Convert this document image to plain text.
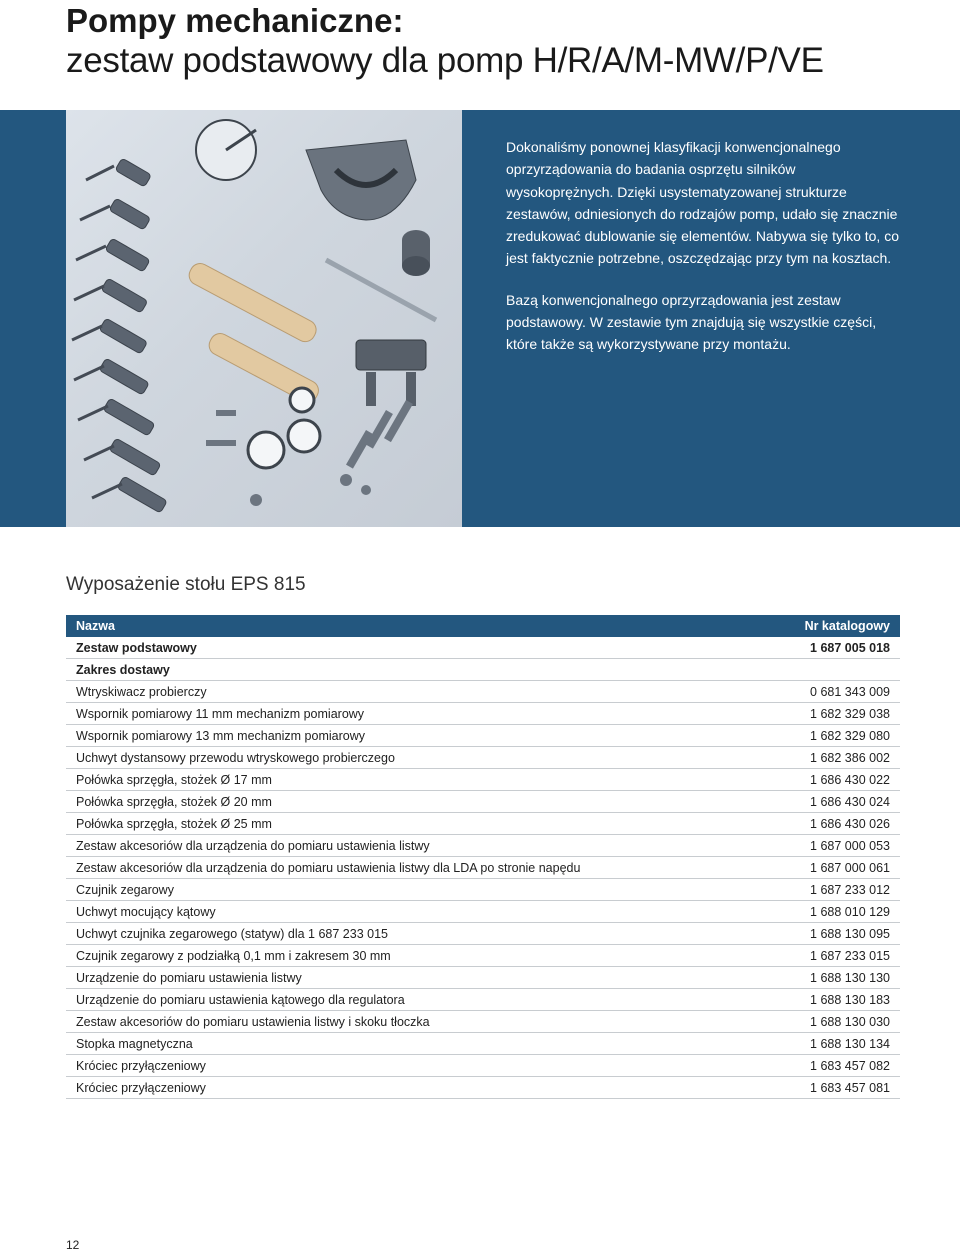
Pompy mechaniczne:
zestaw podstawowy dla pomp H/R/A/M-MW/P/VE

Dokonaliśmy ponownej klasyfikacji konwencjonalnego oprzyrządowania do badania osprzętu silników wysokoprężnych. Dzięki usystematyzowanej strukturze zestawów, odniesionych do rodzajów pomp, udało się znacznie zredukować dublowanie się elementów. Nabywa się tylko to, co jest faktycznie potrzebne, oszczędzając przy tym na kosztach.

Bazą konwencjonalnego oprzyrządowania jest zestaw podstawowy. W zestawie tym znajdują się wszystkie części, które także są wykorzystywane przy montażu.

Wyposażenie stołu EPS 815
Nazwa	Nr katalogowy
Zestaw podstawowy	1 687 005 018
Zakres dostawy	
Wtryskiwacz probierczy	0 681 343 009
Wspornik pomiarowy 11 mm mechanizm pomiarowy	1 682 329 038
Wspornik pomiarowy 13 mm mechanizm pomiarowy	1 682 329 080
Uchwyt dystansowy przewodu wtryskowego probierczego	1 682 386 002
Połówka sprzęgła, stożek Ø 17 mm	1 686 430 022
Połówka sprzęgła, stożek Ø 20 mm	1 686 430 024
Połówka sprzęgła, stożek Ø 25 mm	1 686 430 026
Zestaw akcesoriów dla urządzenia do pomiaru ustawienia listwy	1 687 000 053
Zestaw akcesoriów dla urządzenia do pomiaru ustawienia listwy dla LDA po stronie napędu	1 687 000 061
Czujnik zegarowy	1 687 233 012
Uchwyt mocujący kątowy	1 688 010 129
Uchwyt czujnika zegarowego (statyw) dla 1 687 233 015	1 688 130 095
Czujnik zegarowy z podziałką 0,1 mm i zakresem 30 mm	1 687 233 015
Urządzenie do pomiaru ustawienia listwy	1 688 130 130
Urządzenie do pomiaru ustawienia kątowego dla regulatora	1 688 130 183
Zestaw akcesoriów do pomiaru ustawienia listwy i skoku tłoczka	1 688 130 030
Stopka magnetyczna	1 688 130 134
Króciec przyłączeniowy	1 683 457 082
Króciec przyłączeniowy	1 683 457 081
12
